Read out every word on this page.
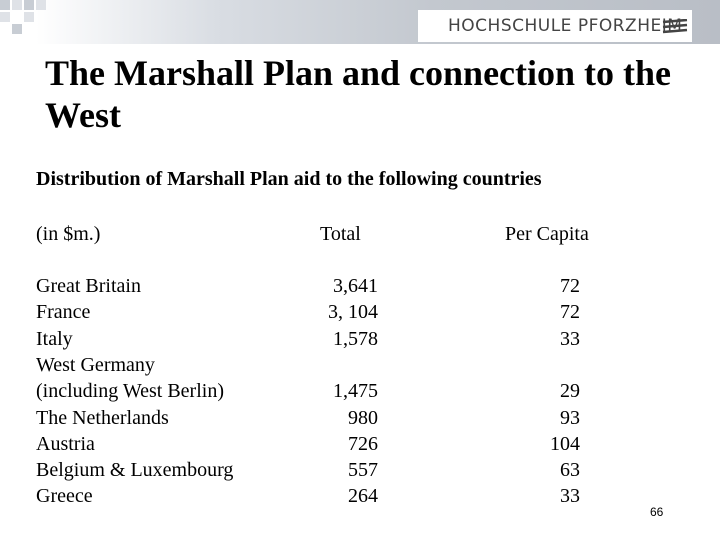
HOCHSCHULE PFORZHEIM
The Marshall Plan and connection to the
West
Distribution of Marshall Plan aid to the following countries
(in $m.)	Total	Per Capita
Great Britain	3,641	72
France	3, 104	72
Italy	1,578	33
West Germany
(including West Berlin)	1,475	29
The Netherlands	980	93
Austria	726	104
Belgium & Luxembourg	557	63
Greece	264	33
66
